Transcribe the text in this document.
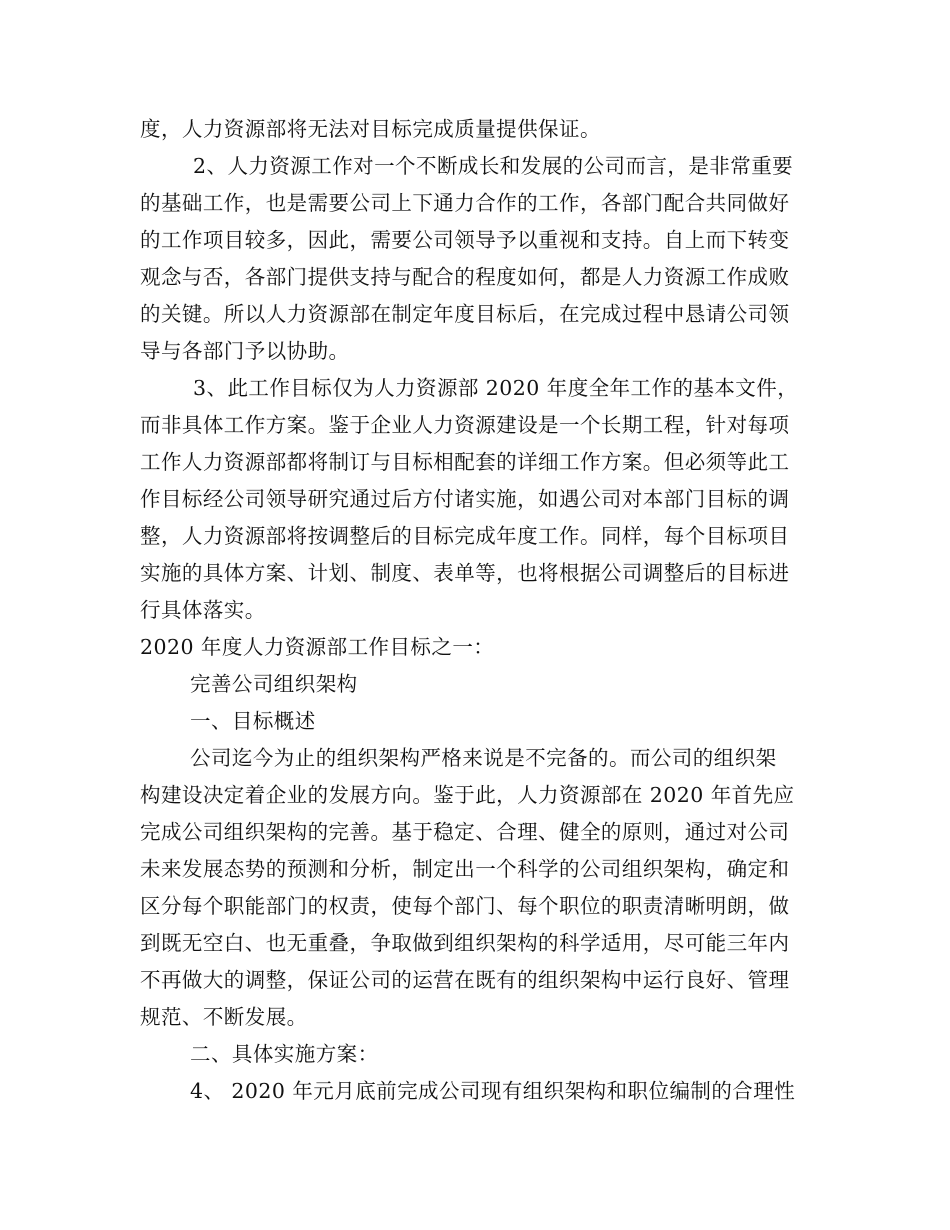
度，人力资源部将无法对目标完成质量提供保证。
2、人力资源工作对一个不断成长和发展的公司而言，是非常重要
的基础工作，也是需要公司上下通力合作的工作，各部门配合共同做好
的工作项目较多，因此，需要公司领导予以重视和支持。自上而下转变
观念与否，各部门提供支持与配合的程度如何，都是人力资源工作成败
的关键。所以人力资源部在制定年度目标后，在完成过程中恳请公司领
导与各部门予以协助。
3、此工作目标仅为人力资源部 2020 年度全年工作的基本文件，
而非具体工作方案。鉴于企业人力资源建设是一个长期工程，针对每项
工作人力资源部都将制订与目标相配套的详细工作方案。但必须等此工
作目标经公司领导研究通过后方付诸实施，如遇公司对本部门目标的调
整，人力资源部将按调整后的目标完成年度工作。同样，每个目标项目
实施的具体方案、计划、制度、表单等，也将根据公司调整后的目标进
行具体落实。
2020 年度人力资源部工作目标之一：
完善公司组织架构
一、目标概述
公司迄今为止的组织架构严格来说是不完备的。而公司的组织架
构建设决定着企业的发展方向。鉴于此，人力资源部在 2020 年首先应
完成公司组织架构的完善。基于稳定、合理、健全的原则，通过对公司
未来发展态势的预测和分析，制定出一个科学的公司组织架构，确定和
区分每个职能部门的权责，使每个部门、每个职位的职责清晰明朗，做
到既无空白、也无重叠，争取做到组织架构的科学适用，尽可能三年内
不再做大的调整，保证公司的运营在既有的组织架构中运行良好、管理
规范、不断发展。
二、具体实施方案：
4、 2020 年元月底前完成公司现有组织架构和职位编制的合理性
